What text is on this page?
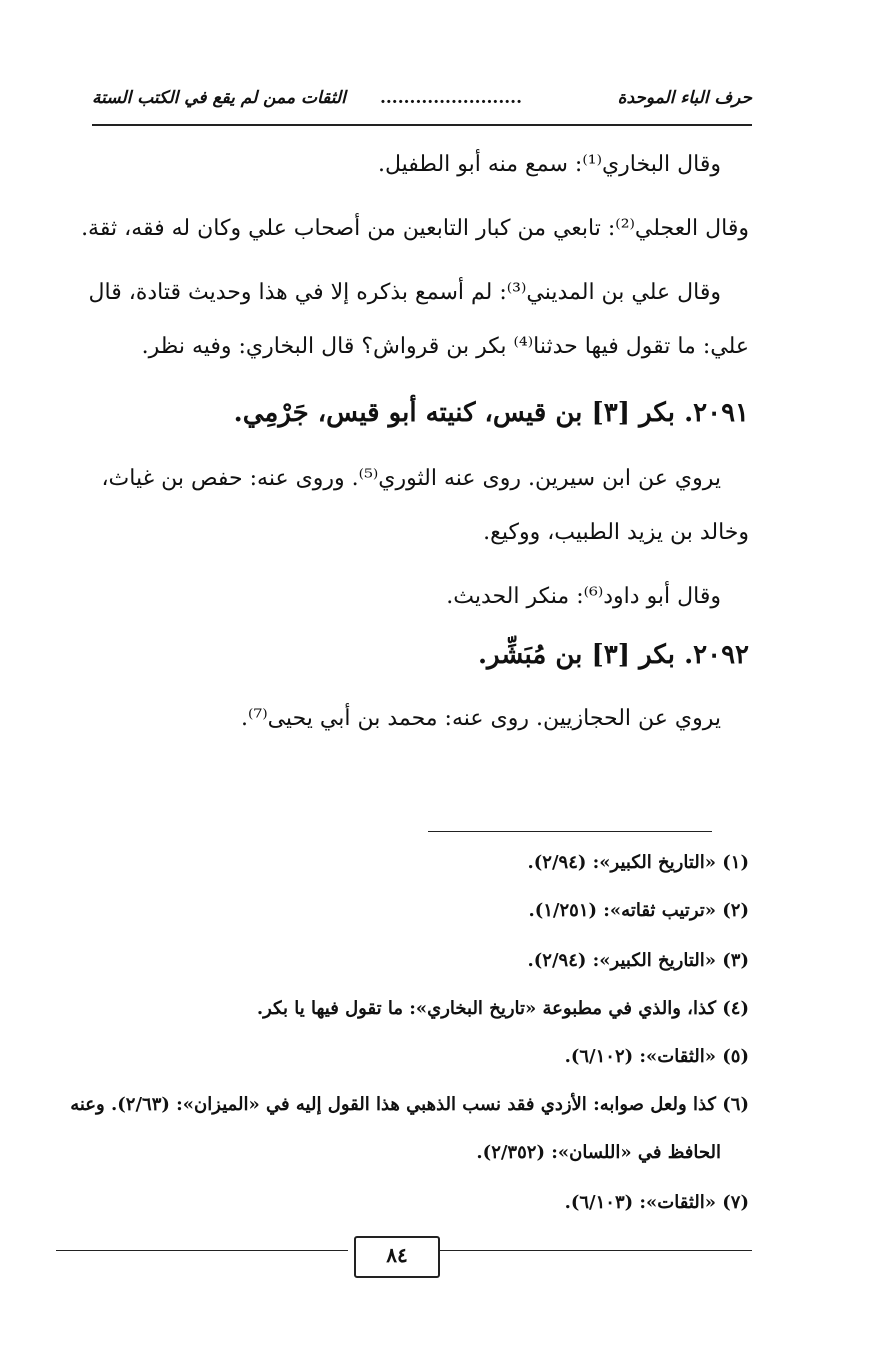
حرف الباء الموحدة
........................
الثقات ممن لم يقع في الكتب الستة
وقال البخاري⁽¹⁾: سمع منه أبو الطفيل.
وقال العجلي⁽²⁾: تابعي من كبار التابعين من أصحاب علي وكان له فقه، ثقة.
وقال علي بن المديني⁽³⁾: لم أسمع بذكره إلا في هذا وحديث قتادة، قال
علي: ما تقول فيها حدثنا⁽⁴⁾ بكر بن قرواش؟ قال البخاري: وفيه نظر.
٢٠٩١. بكر [٣] بن قيس، كنيته أبو قيس، جَرْمِي.
يروي عن ابن سيرين. روى عنه الثوري⁽⁵⁾. وروى عنه: حفص بن غياث،
وخالد بن يزيد الطبيب، ووكيع.
وقال أبو داود⁽⁶⁾: منكر الحديث.
٢٠٩٢. بكر [٣] بن مُبَشِّر.
يروي عن الحجازيين. روى عنه: محمد بن أبي يحيى⁽⁷⁾.
(١) «التاريخ الكبير»: (٢/٩٤).
(٢) «ترتيب ثقاته»: (١/٢٥١).
(٣) «التاريخ الكبير»: (٢/٩٤).
(٤) كذا، والذي في مطبوعة «تاريخ البخاري»: ما تقول فيها يا بكر.
(٥) «الثقات»: (٦/١٠٢).
(٦) كذا ولعل صوابه: الأزدي فقد نسب الذهبي هذا القول إليه في «الميزان»: (٢/٦٣). وعنه
الحافظ في «اللسان»: (٢/٣٥٢).
(٧) «الثقات»: (٦/١٠٣).
٨٤
